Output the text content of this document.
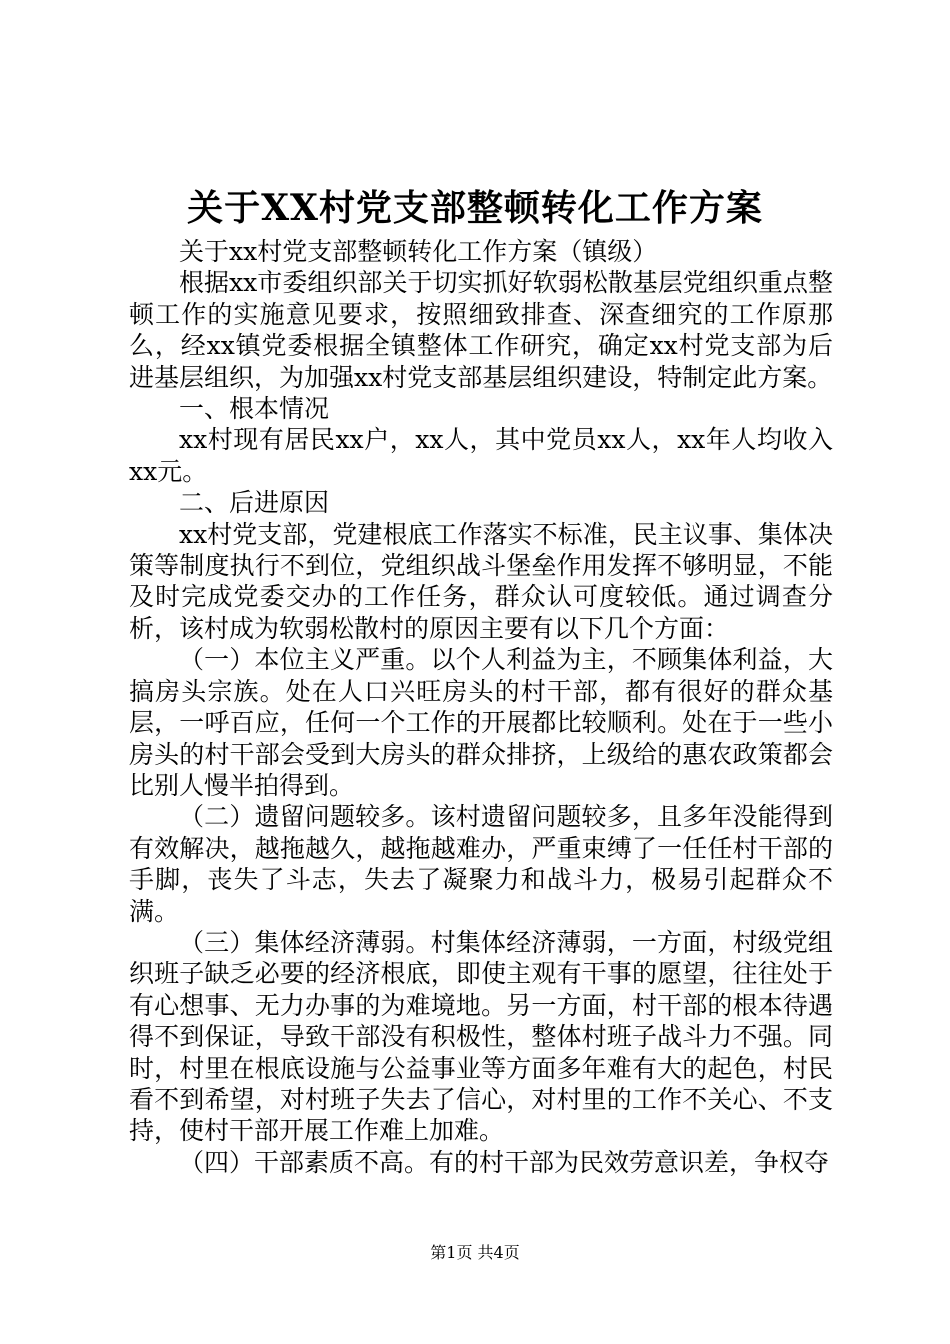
关于XX村党支部整顿转化工作方案

关于xx村党支部整顿转化工作方案（镇级）

根据xx市委组织部关于切实抓好软弱松散基层党组织重点整顿工作的实施意见要求，按照细致排查、深查细究的工作原那么，经xx镇党委根据全镇整体工作研究，确定xx村党支部为后进基层组织，为加强xx村党支部基层组织建设，特制定此方案。

一、根本情况

xx村现有居民xx户，xx人，其中党员xx人，xx年人均收入xx元。

二、后进原因

xx村党支部，党建根底工作落实不标准，民主议事、集体决策等制度执行不到位，党组织战斗堡垒作用发挥不够明显，不能及时完成党委交办的工作任务，群众认可度较低。通过调查分析，该村成为软弱松散村的原因主要有以下几个方面：

（一）本位主义严重。以个人利益为主，不顾集体利益，大搞房头宗族。处在人口兴旺房头的村干部，都有很好的群众基层，一呼百应，任何一个工作的开展都比较顺利。处在于一些小房头的村干部会受到大房头的群众排挤，上级给的惠农政策都会比别人慢半拍得到。

（二）遗留问题较多。该村遗留问题较多，且多年没能得到有效解决，越拖越久，越拖越难办，严重束缚了一任任村干部的手脚，丧失了斗志，失去了凝聚力和战斗力，极易引起群众不满。

（三）集体经济薄弱。村集体经济薄弱，一方面，村级党组织班子缺乏必要的经济根底，即使主观有干事的愿望，往往处于有心想事、无力办事的为难境地。另一方面，村干部的根本待遇得不到保证，导致干部没有积极性，整体村班子战斗力不强。同时，村里在根底设施与公益事业等方面多年难有大的起色，村民看不到希望，对村班子失去了信心，对村里的工作不关心、不支持，使村干部开展工作难上加难。

（四）干部素质不高。有的村干部为民效劳意识差，争权夺

第1页 共4页
